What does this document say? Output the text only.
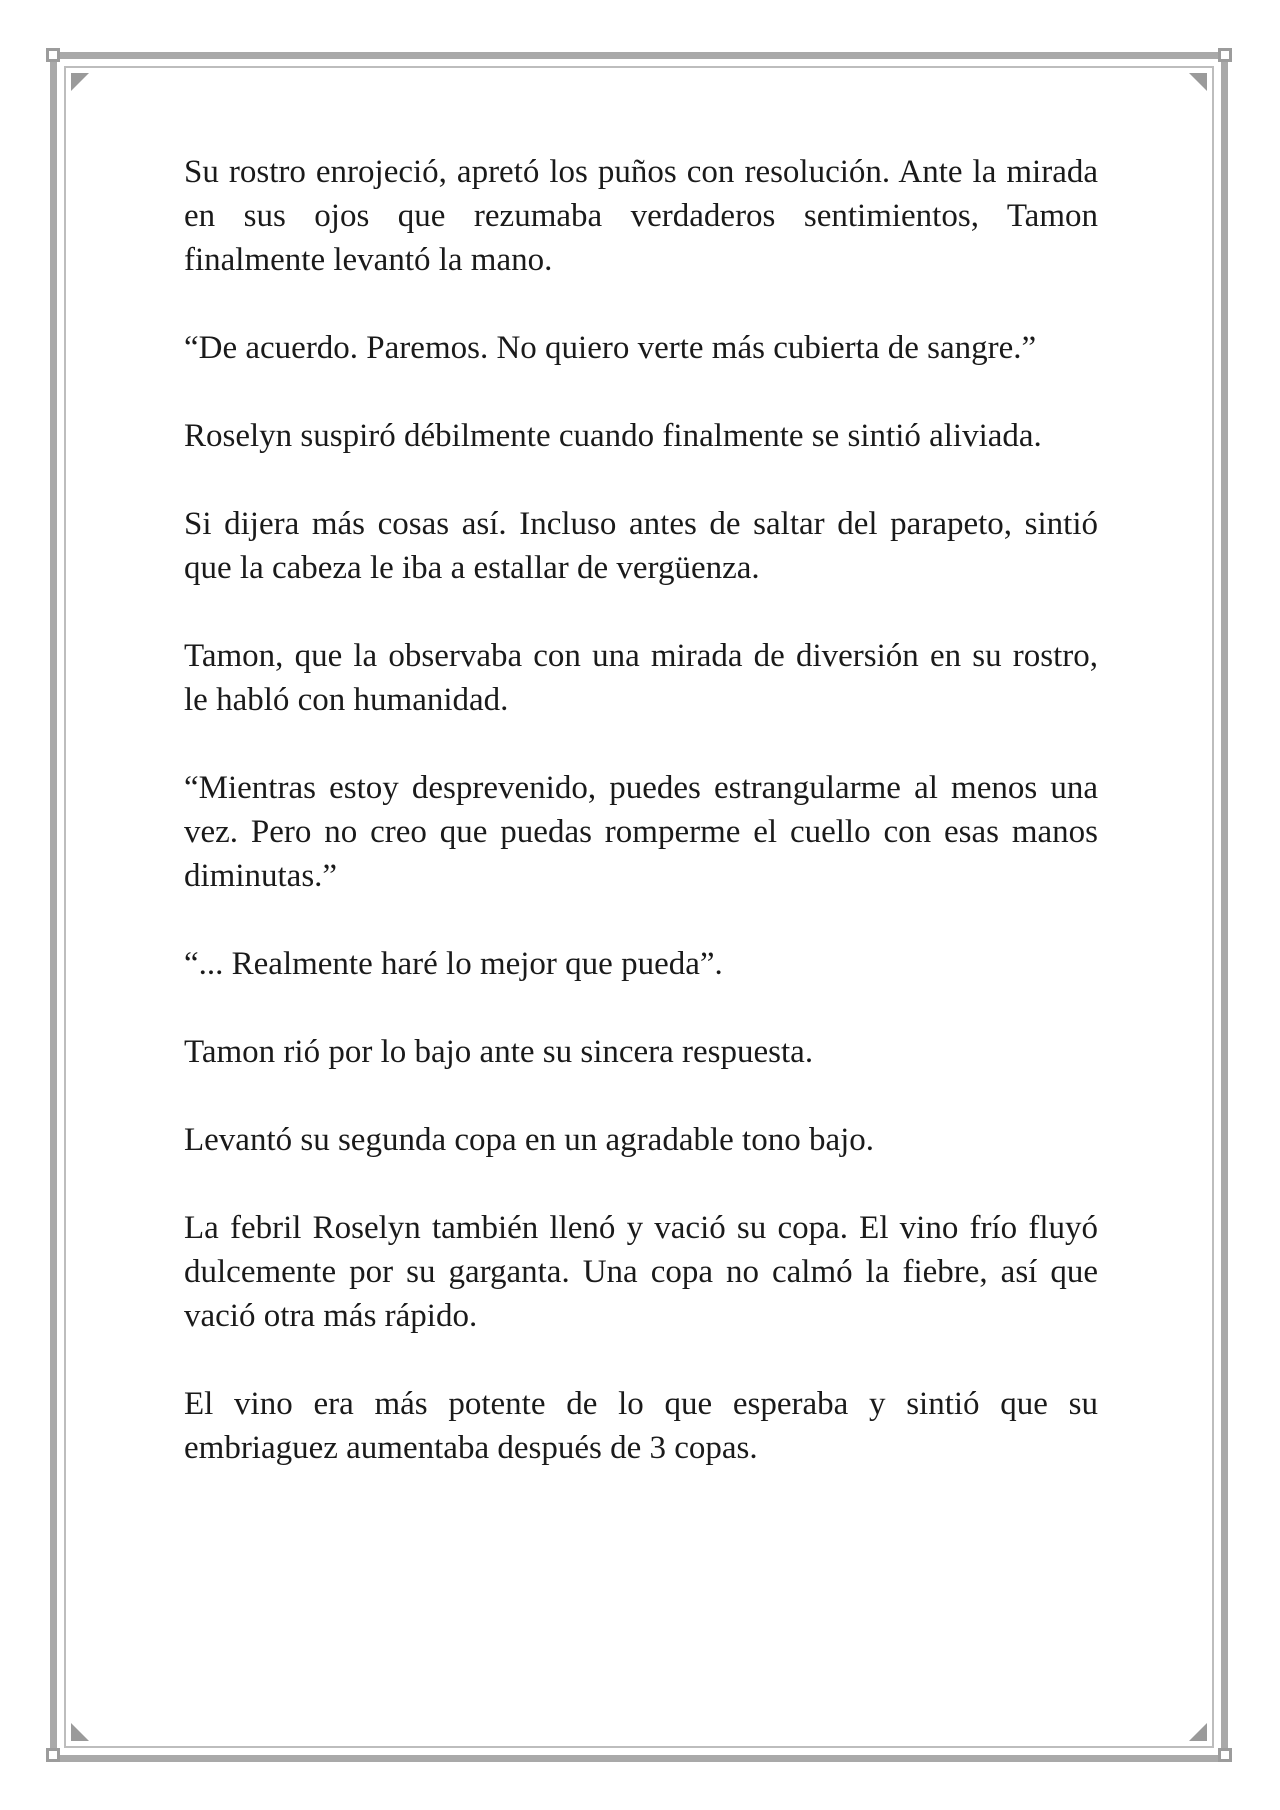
Su rostro enrojeció, apretó los puños con resolución. Ante la mirada en sus ojos que rezumaba verdaderos sentimientos, Tamon finalmente levantó la mano.

“De acuerdo. Paremos. No quiero verte más cubierta de sangre.”

Roselyn suspiró débilmente cuando finalmente se sintió aliviada.

Si dijera más cosas así. Incluso antes de saltar del parapeto, sintió que la cabeza le iba a estallar de vergüenza.

Tamon, que la observaba con una mirada de diversión en su rostro, le habló con humanidad.

“Mientras estoy desprevenido, puedes estrangularme al menos una vez. Pero no creo que puedas romperme el cuello con esas manos diminutas.”

“... Realmente haré lo mejor que pueda”.

Tamon rió por lo bajo ante su sincera respuesta.

Levantó su segunda copa en un agradable tono bajo.

La febril Roselyn también llenó y vació su copa. El vino frío fluyó dulcemente por su garganta. Una copa no calmó la fiebre, así que vació otra más rápido.

El vino era más potente de lo que esperaba y sintió que su embriaguez aumentaba después de 3 copas.
